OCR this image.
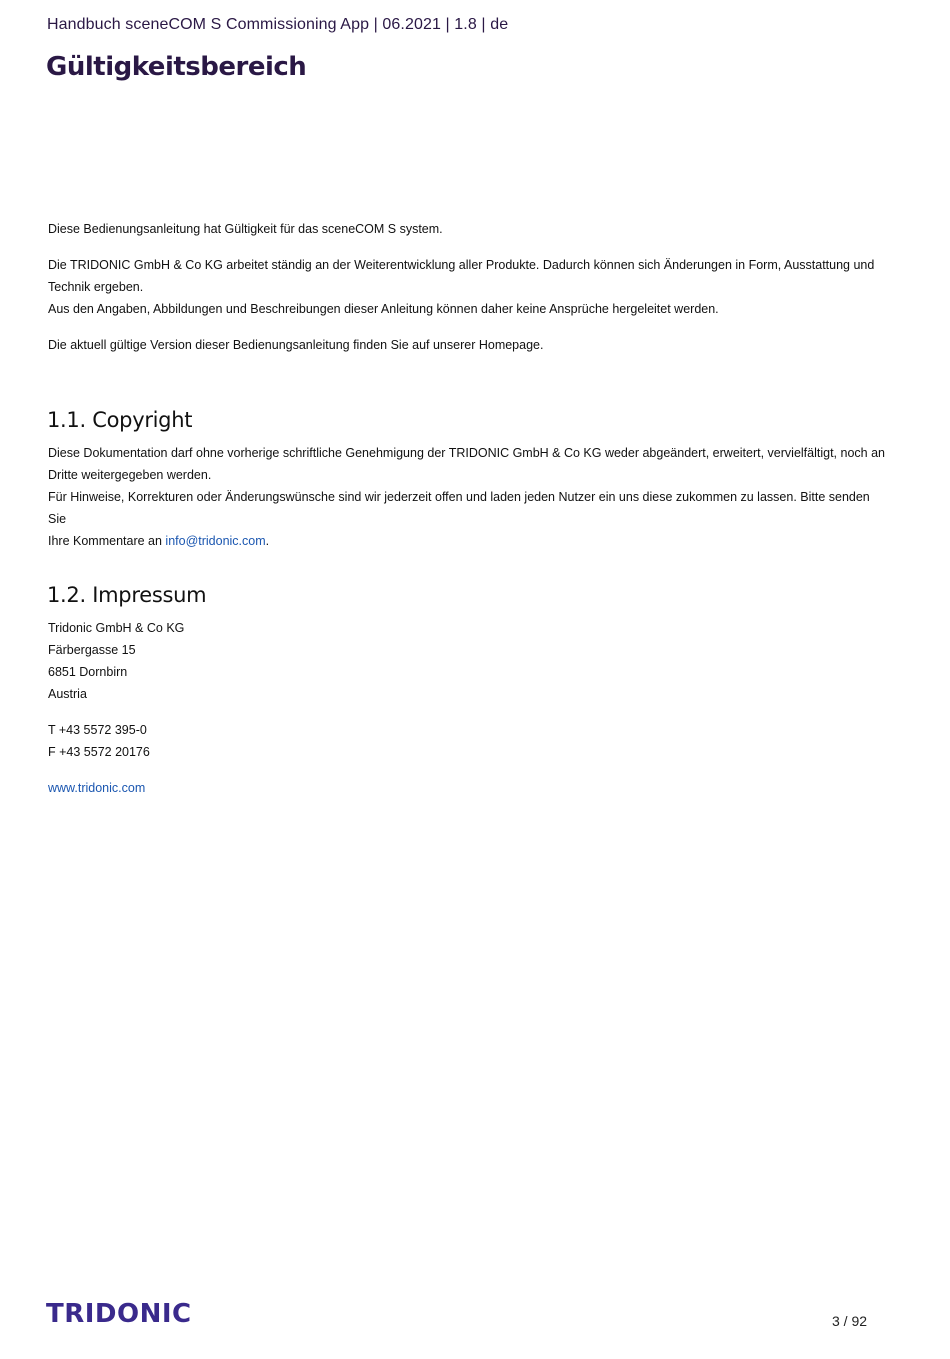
Handbuch sceneCOM S Commissioning App | 06.2021 | 1.8 | de
Gültigkeitsbereich

Diese Bedienungsanleitung hat Gültigkeit für das sceneCOM S system.

Die TRIDONIC GmbH & Co KG arbeitet ständig an der Weiterentwicklung aller Produkte. Dadurch können sich Änderungen in Form, Ausstattung und

Technik ergeben.

Aus den Angaben, Abbildungen und Beschreibungen dieser Anleitung können daher keine Ansprüche hergeleitet werden.

Die aktuell gültige Version dieser Bedienungsanleitung finden Sie auf unserer Homepage.

1.1. Copyright

Diese Dokumentation darf ohne vorherige schriftliche Genehmigung der TRIDONIC GmbH & Co KG weder abgeändert, erweitert, vervielfältigt, noch an

Dritte weitergegeben werden.

Für Hinweise, Korrekturen oder Änderungswünsche sind wir jederzeit offen und laden jeden Nutzer ein uns diese zukommen zu lassen. Bitte senden Sie

Ihre Kommentare an info@tridonic.com.

1.2. Impressum

Tridonic GmbH & Co KG

Färbergasse 15

6851 Dornbirn

Austria

T +43 5572 395-0

F +43 5572 20176

www.tridonic.com

TRIDONIC	3 / 92
